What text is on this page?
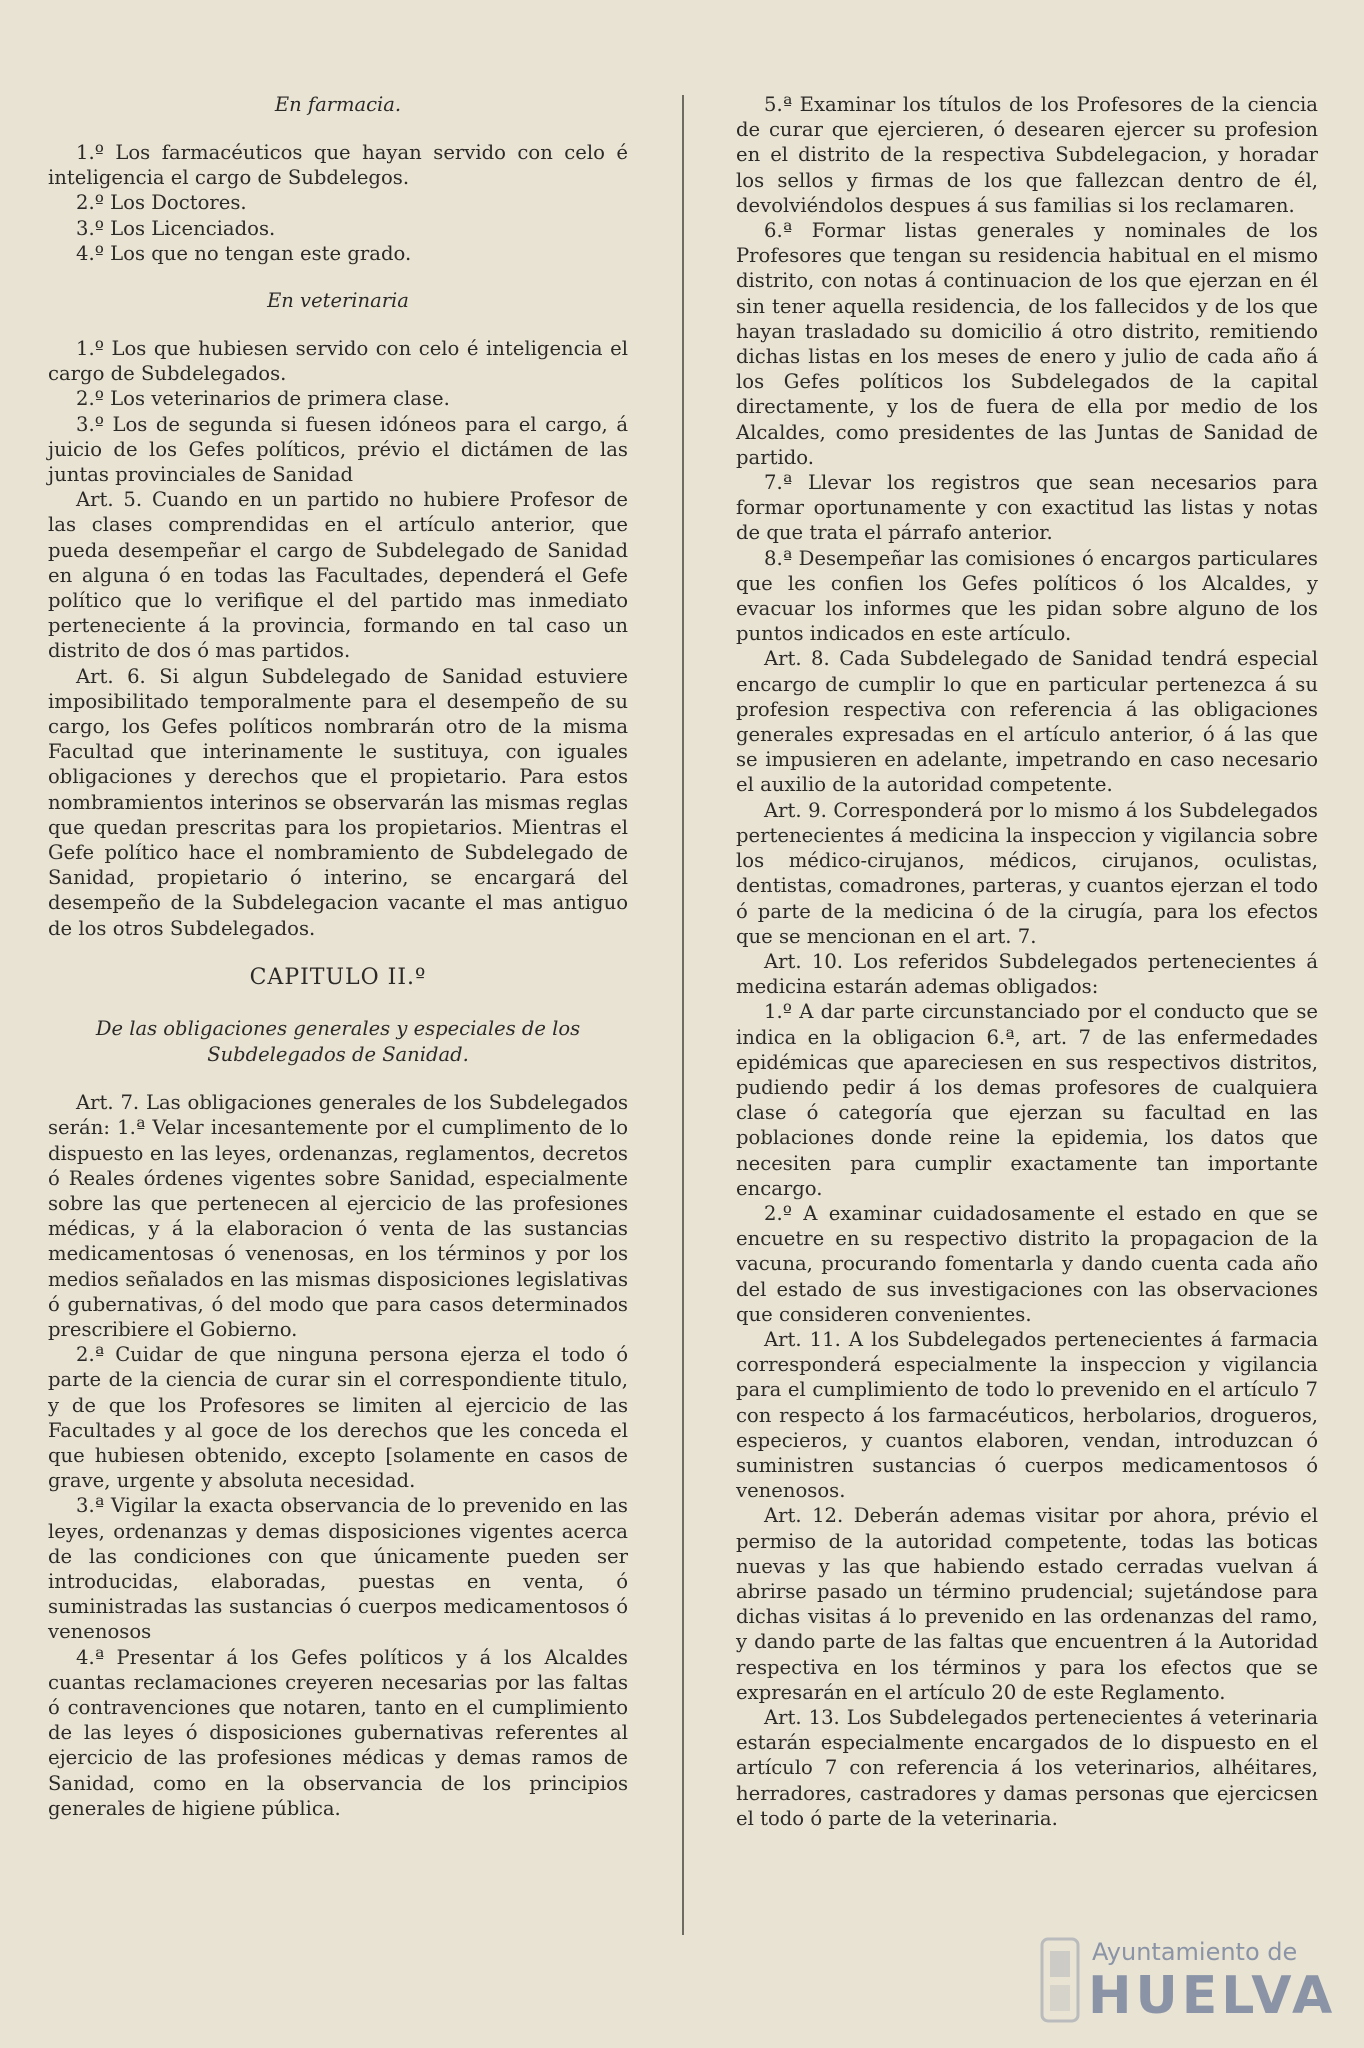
En farmacia.

1.º Los farmacéuticos que hayan servido con celo é inteligencia el cargo de Subdelegos.

2.º Los Doctores.

3.º Los Licenciados.

4.º Los que no tengan este grado.

En veterinaria

1.º Los que hubiesen servido con celo é inteligencia el cargo de Subdelegados.

2.º Los veterinarios de primera clase.

3.º Los de segunda si fuesen idóneos para el cargo, á juicio de los Gefes políticos, prévio el dictámen de las juntas provinciales de Sanidad

Art. 5. Cuando en un partido no hubiere Profesor de las clases comprendidas en el artículo anterior, que pueda desempeñar el cargo de Subdelegado de Sanidad en alguna ó en todas las Facultades, dependerá el Gefe político que lo verifique el del partido mas inmediato perteneciente á la provincia, formando en tal caso un distrito de dos ó mas partidos.

Art. 6. Si algun Subdelegado de Sanidad estuviere imposibilitado temporalmente para el desempeño de su cargo, los Gefes políticos nombrarán otro de la misma Facultad que interinamente le sustituya, con iguales obligaciones y derechos que el propietario. Para estos nombramientos interinos se observarán las mismas reglas que quedan prescritas para los propietarios. Mientras el Gefe político hace el nombramiento de Subdelegado de Sanidad, propietario ó interino, se encargará del desempeño de la Subdelegacion vacante el mas antiguo de los otros Subdelegados.

CAPITULO II.º

De las obligaciones generales y especiales de los Subdelegados de Sanidad.

Art. 7. Las obligaciones generales de los Subdelegados serán: 1.ª Velar incesantemente por el cumplimento de lo dispuesto en las leyes, ordenanzas, reglamentos, decretos ó Reales órdenes vigentes sobre Sanidad, especialmente sobre las que pertenecen al ejercicio de las profesiones médicas, y á la elaboracion ó venta de las sustancias medicamentosas ó venenosas, en los términos y por los medios señalados en las mismas disposiciones legislativas ó gubernativas, ó del modo que para casos determinados prescribiere el Gobierno.

2.ª Cuidar de que ninguna persona ejerza el todo ó parte de la ciencia de curar sin el correspondiente titulo, y de que los Profesores se limiten al ejercicio de las Facultades y al goce de los derechos que les conceda el que hubiesen obtenido, excepto [solamente en casos de grave, urgente y absoluta necesidad.

3.ª Vigilar la exacta observancia de lo prevenido en las leyes, ordenanzas y demas disposiciones vigentes acerca de las condiciones con que únicamente pueden ser introducidas, elaboradas, puestas en venta, ó suministradas las sustancias ó cuerpos medicamentosos ó venenosos

4.ª Presentar á los Gefes políticos y á los Alcaldes cuantas reclamaciones creyeren necesarias por las faltas ó contravenciones que notaren, tanto en el cumplimiento de las leyes ó disposiciones gubernativas referentes al ejercicio de las profesiones médicas y demas ramos de Sanidad, como en la observancia de los principios generales de higiene pública.

5.ª Examinar los títulos de los Profesores de la ciencia de curar que ejercieren, ó desearen ejercer su profesion en el distrito de la respectiva Subdelegacion, y horadar los sellos y firmas de los que fallezcan dentro de él, devolviéndolos despues á sus familias si los reclamaren.

6.ª Formar listas generales y nominales de los Profesores que tengan su residencia habitual en el mismo distrito, con notas á continuacion de los que ejerzan en él sin tener aquella residencia, de los fallecidos y de los que hayan trasladado su domicilio á otro distrito, remitiendo dichas listas en los meses de enero y julio de cada año á los Gefes políticos los Subdelegados de la capital directamente, y los de fuera de ella por medio de los Alcaldes, como presidentes de las Juntas de Sanidad de partido.

7.ª Llevar los registros que sean necesarios para formar oportunamente y con exactitud las listas y notas de que trata el párrafo anterior.

8.ª Desempeñar las comisiones ó encargos particulares que les confien los Gefes políticos ó los Alcaldes, y evacuar los informes que les pidan sobre alguno de los puntos indicados en este artículo.

Art. 8. Cada Subdelegado de Sanidad tendrá especial encargo de cumplir lo que en particular pertenezca á su profesion respectiva con referencia á las obligaciones generales expresadas en el artículo anterior, ó á las que se impusieren en adelante, impetrando en caso necesario el auxilio de la autoridad competente.

Art. 9. Corresponderá por lo mismo á los Subdelegados pertenecientes á medicina la inspeccion y vigilancia sobre los médico-cirujanos, médicos, cirujanos, oculistas, dentistas, comadrones, parteras, y cuantos ejerzan el todo ó parte de la medicina ó de la cirugía, para los efectos que se mencionan en el art. 7.

Art. 10. Los referidos Subdelegados pertenecientes á medicina estarán ademas obligados:

1.º A dar parte circunstanciado por el conducto que se indica en la obligacion 6.ª, art. 7 de las enfermedades epidémicas que apareciesen en sus respectivos distritos, pudiendo pedir á los demas profesores de cualquiera clase ó categoría que ejerzan su facultad en las poblaciones donde reine la epidemia, los datos que necesiten para cumplir exactamente tan importante encargo.

2.º A examinar cuidadosamente el estado en que se encuetre en su respectivo distrito la propagacion de la vacuna, procurando fomentarla y dando cuenta cada año del estado de sus investigaciones con las observaciones que consideren convenientes.

Art. 11. A los Subdelegados pertenecientes á farmacia corresponderá especialmente la inspeccion y vigilancia para el cumplimiento de todo lo prevenido en el artículo 7 con respecto á los farmacéuticos, herbolarios, drogueros, especieros, y cuantos elaboren, vendan, introduzcan ó suministren sustancias ó cuerpos medicamentosos ó venenosos.

Art. 12. Deberán ademas visitar por ahora, prévio el permiso de la autoridad competente, todas las boticas nuevas y las que habiendo estado cerradas vuelvan á abrirse pasado un término prudencial; sujetándose para dichas visitas á lo prevenido en las ordenanzas del ramo, y dando parte de las faltas que encuentren á la Autoridad respectiva en los términos y para los efectos que se expresarán en el artículo 20 de este Reglamento.

Art. 13. Los Subdelegados pertenecientes á veterinaria estarán especialmente encargados de lo dispuesto en el artículo 7 con referencia á los veterinarios, alhéitares, herradores, castradores y damas personas que ejercicsen el todo ó parte de la veterinaria.

Ayuntamiento de
HUELVA
